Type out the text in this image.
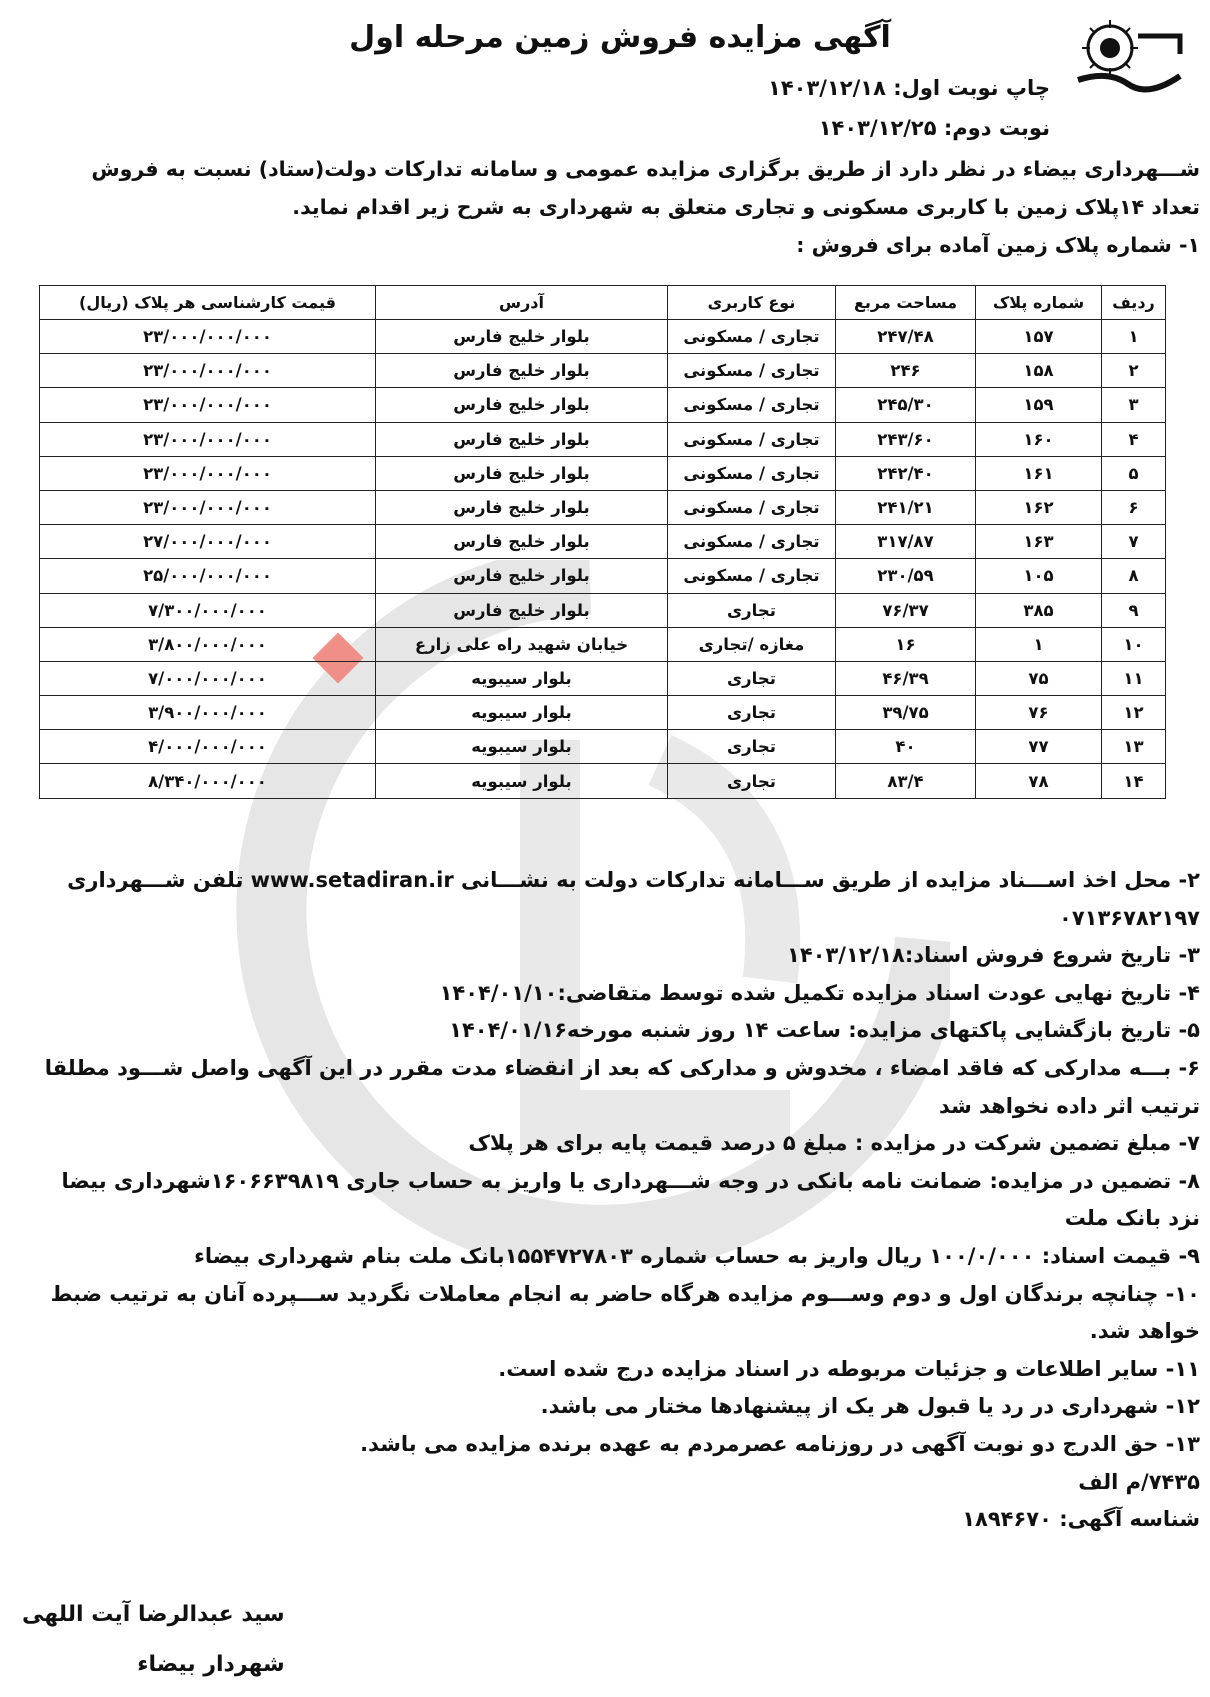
آگهی مزایده فروش زمین مرحله اول
چاپ نوبت اول: ۱۴۰۳/۱۲/۱۸
نوبت دوم: ۱۴۰۳/۱۲/۲۵
شـــهرداری بیضاء در نظر دارد از طریق برگزاری مزایده عمومی و سامانه تدارکات دولت(ستاد) نسبت به فروش
تعداد ۱۴پلاک زمین با کاربری مسکونی و تجاری متعلق به شهرداری به شرح زیر اقدام نماید.
۱- شماره پلاک زمین آماده برای فروش :
ردیف	شماره پلاک	مساحت مربع	نوع کاربری	آدرس	قیمت کارشناسی هر پلاک (ریال)
۱	۱۵۷	۲۴۷/۴۸	تجاری / مسکونی	بلوار خلیج فارس	۲۳/۰۰۰/۰۰۰/۰۰۰
۲	۱۵۸	۲۴۶	تجاری / مسکونی	بلوار خلیج فارس	۲۳/۰۰۰/۰۰۰/۰۰۰
۳	۱۵۹	۲۴۵/۳۰	تجاری / مسکونی	بلوار خلیج فارس	۲۳/۰۰۰/۰۰۰/۰۰۰
۴	۱۶۰	۲۴۳/۶۰	تجاری / مسکونی	بلوار خلیج فارس	۲۳/۰۰۰/۰۰۰/۰۰۰
۵	۱۶۱	۲۴۲/۴۰	تجاری / مسکونی	بلوار خلیج فارس	۲۳/۰۰۰/۰۰۰/۰۰۰
۶	۱۶۲	۲۴۱/۲۱	تجاری / مسکونی	بلوار خلیج فارس	۲۳/۰۰۰/۰۰۰/۰۰۰
۷	۱۶۳	۳۱۷/۸۷	تجاری / مسکونی	بلوار خلیج فارس	۲۷/۰۰۰/۰۰۰/۰۰۰
۸	۱۰۵	۲۳۰/۵۹	تجاری / مسکونی	بلوار خلیج فارس	۲۵/۰۰۰/۰۰۰/۰۰۰
۹	۳۸۵	۷۶/۳۷	تجاری	بلوار خلیج فارس	۷/۳۰۰/۰۰۰/۰۰۰
۱۰	۱	۱۶	مغازه /تجاری	خیابان شهید راه علی زارع	۳/۸۰۰/۰۰۰/۰۰۰
۱۱	۷۵	۴۶/۳۹	تجاری	بلوار سیبویه	۷/۰۰۰/۰۰۰/۰۰۰
۱۲	۷۶	۳۹/۷۵	تجاری	بلوار سیبویه	۳/۹۰۰/۰۰۰/۰۰۰
۱۳	۷۷	۴۰	تجاری	بلوار سیبویه	۴/۰۰۰/۰۰۰/۰۰۰
۱۴	۷۸	۸۳/۴	تجاری	بلوار سیبویه	۸/۳۴۰/۰۰۰/۰۰۰

۲- محل اخذ اســـناد مزایده از طریق ســـامانه تدارکات دولت به نشـــانی www.setadiran.ir تلفن شـــهرداری

۰۷۱۳۶۷۸۲۱۹۷

۳- تاریخ شروع فروش اسناد:۱۴۰۳/۱۲/۱۸

۴- تاریخ نهایی عودت اسناد مزایده تکمیل شده توسط متقاضی:۱۴۰۴/۰۱/۱۰

۵- تاریخ بازگشایی پاکتهای مزایده: ساعت ۱۴ روز شنبه مورخه۱۴۰۴/۰۱/۱۶

۶- بـــه مدارکی که فاقد امضاء ، مخدوش و مدارکی که بعد از انقضاء مدت مقرر در این آگهی واصل شـــود مطلقا

ترتیب اثر داده نخواهد شد

۷- مبلغ تضمین شرکت در مزایده : مبلغ ۵ درصد قیمت پایه برای هر پلاک

۸- تضمین در مزایده: ضمانت نامه بانکی در وجه شـــهرداری یا واریز به حساب جاری ۱۶۰۶۶۳۹۸۱۹شهرداری بیضا

نزد بانک ملت

۹- قیمت اسناد: ۱۰۰/۰/۰۰۰ ریال واریز به حساب شماره ۱۵۵۴۷۲۷۸۰۳بانک ملت بنام شهرداری بیضاء

۱۰- چنانچه برندگان اول و دوم وســـوم مزایده هرگاه حاضر به انجام معاملات نگردید ســـپرده آنان به ترتیب ضبط

خواهد شد.

۱۱- سایر اطلاعات و جزئیات مربوطه در اسناد مزایده درج شده است.

۱۲- شهرداری در رد یا قبول هر یک از پیشنهادها مختار می باشد.

۱۳- حق الدرج دو نوبت آگهی در روزنامه عصرمردم به عهده برنده مزایده می باشد.

۷۴۳۵/م الف

شناسه آگهی: ۱۸۹۴۶۷۰

سید عبدالرضا آیت اللهی
شهردار بیضاء
